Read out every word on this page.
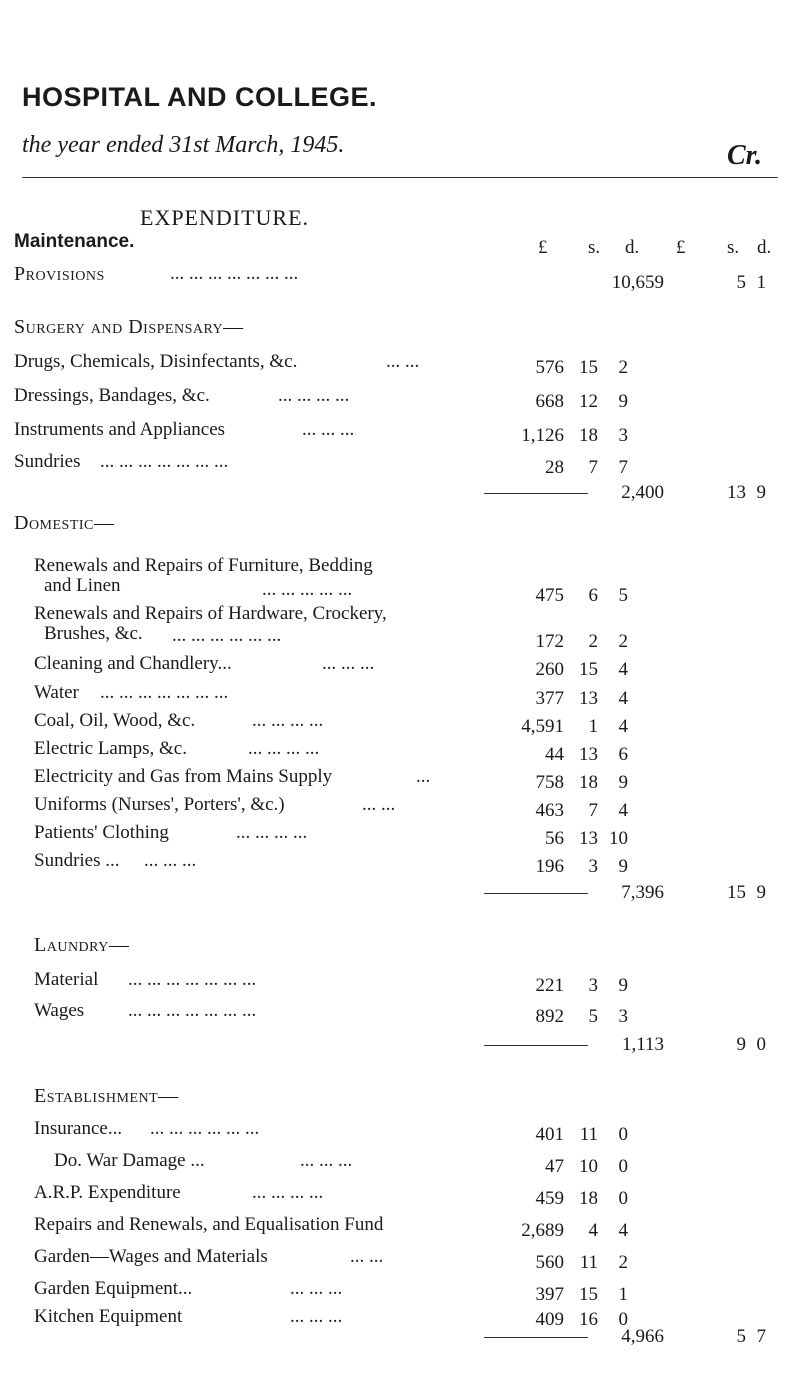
HOSPITAL AND COLLEGE.
the year ended 31st March, 1945.	Cr.
EXPENDITURE.
Maintenance.	£ s. d. £ s. d.
Provisions	... ... ... ... ... ... ...	10,659	5 1
Surgery and Dispensary—
Drugs, Chemicals, Disinfectants, &c.	... ...	576 15	2
Dressings, Bandages, &c.	... ... ... ...	668 12	9
Instruments and Appliances	... ... ...	1,126 18	3
Sundries ... ... ... ... ... ... ...	28	7	7
2,400	13 9
Domestic—
Renewals and Repairs of Furniture, Bedding
and Linen	... ... ... ... ...	475	6	5
Renewals and Repairs of Hardware, Crockery,
Brushes, &c. ... ... ... ... ... ...	172	2	2
Cleaning and Chandlery...	... ... ...	260 15	4
Water ... ... ... ... ... ... ...	377 13	4
Coal, Oil, Wood, &c.	... ... ... ...	4,591	1	4
Electric Lamps, &c.	... ... ... ...	44 13	6
Electricity and Gas from Mains Supply	...	758 18	9
Uniforms (Nurses', Porters', &c.)	... ...	463	7	4
Patients' Clothing	... ... ... ...	56 13 10
Sundries ... ... ... ...	196	3	9
7,396	15 9
Laundry—
Material ... ... ... ... ... ... ...	221	3	9
Wages ... ... ... ... ... ... ...	892	5	3
1,113	9 0
Establishment—
Insurance... ... ... ... ... ... ...	401 11	0
Do. War Damage ...	... ... ...	47 10	0
A.R.P. Expenditure	... ... ... ...	459 18	0
Repairs and Renewals, and Equalisation Fund	2,689	4	4
Garden—Wages and Materials	... ...	560 11	2
Garden Equipment...	... ... ...	397 15	1
Kitchen Equipment	... ... ...	409 16	0
4,966	5 7
